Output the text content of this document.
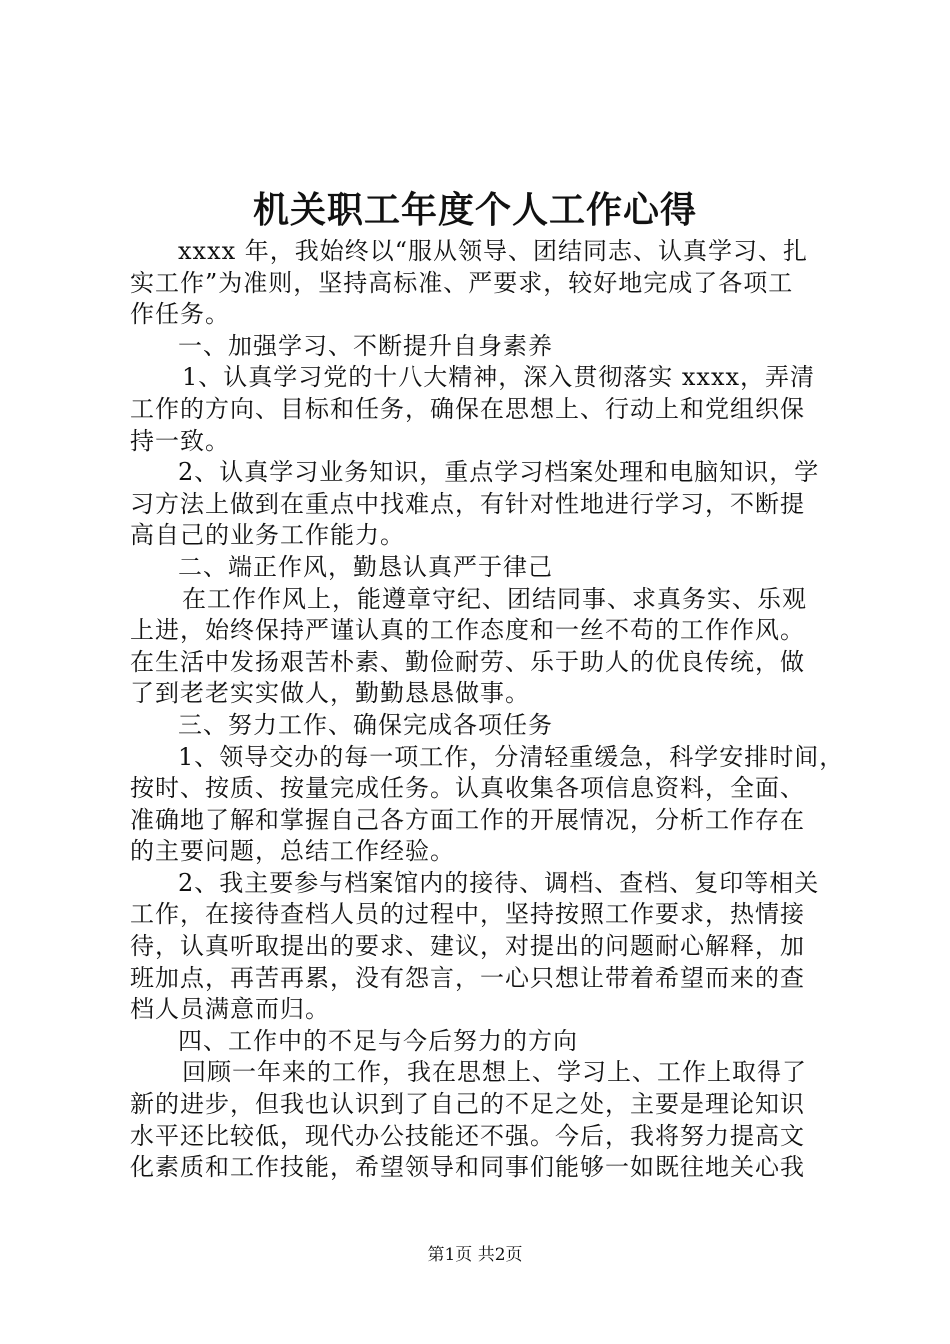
机关职工年度个人工作心得
xxxx 年，我始终以“服从领导、团结同志、认真学习、扎
实工作”为准则，坚持高标准、严要求，较好地完成了各项工
作任务。
一、加强学习、不断提升自身素养
1、认真学习党的十八大精神，深入贯彻落实 xxxx，弄清
工作的方向、目标和任务，确保在思想上、行动上和党组织保
持一致。
2、认真学习业务知识，重点学习档案处理和电脑知识，学
习方法上做到在重点中找难点，有针对性地进行学习，不断提
高自己的业务工作能力。
二、端正作风，勤恳认真严于律己
在工作作风上，能遵章守纪、团结同事、求真务实、乐观
上进，始终保持严谨认真的工作态度和一丝不苟的工作作风。
在生活中发扬艰苦朴素、勤俭耐劳、乐于助人的优良传统，做
了到老老实实做人，勤勤恳恳做事。
三、努力工作、确保完成各项任务
1、领导交办的每一项工作，分清轻重缓急，科学安排时间，
按时、按质、按量完成任务。认真收集各项信息资料，全面、
准确地了解和掌握自己各方面工作的开展情况，分析工作存在
的主要问题，总结工作经验。
2、我主要参与档案馆内的接待、调档、查档、复印等相关
工作，在接待查档人员的过程中，坚持按照工作要求，热情接
待，认真听取提出的要求、建议，对提出的问题耐心解释，加
班加点，再苦再累，没有怨言，一心只想让带着希望而来的查
档人员满意而归。
四、工作中的不足与今后努力的方向
回顾一年来的工作，我在思想上、学习上、工作上取得了
新的进步，但我也认识到了自己的不足之处，主要是理论知识
水平还比较低，现代办公技能还不强。今后，我将努力提高文
化素质和工作技能，希望领导和同事们能够一如既往地关心我
第1页 共2页
